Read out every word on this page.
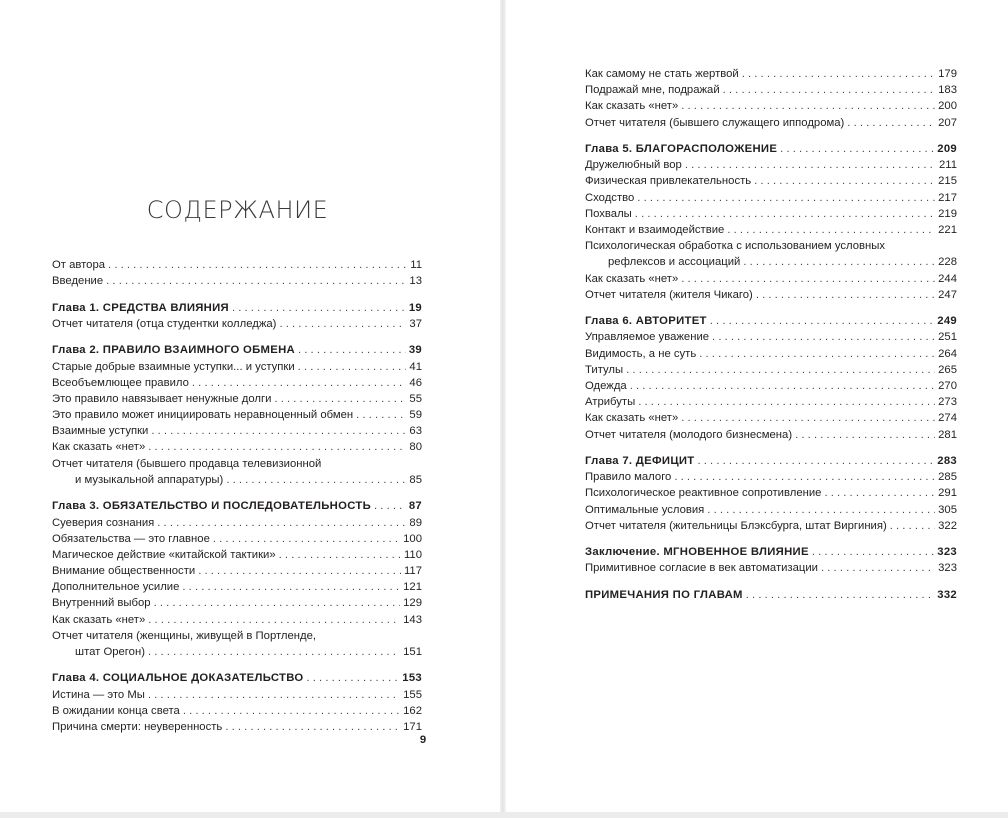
СОДЕРЖАНИЕ
От автора . . .	11
Введение . . .	13
Глава 1. СРЕДСТВА ВЛИЯНИЯ . . .	19
Отчет читателя (отца студентки колледжа) . . .	37
Глава 2. ПРАВИЛО ВЗАИМНОГО ОБМЕНА . . .	39
Старые добрые взаимные уступки... и уступки . . .	41
Всеобъемлющее правило . . .	46
Это правило навязывает ненужные долги . . .	55
Это правило может инициировать неравноценный обмен . . .	59
Взаимные уступки . . .	63
Как сказать «нет» . . .	80
Отчет читателя (бывшего продавца телевизионной
и музыкальной аппаратуры) . . .	85
Глава 3. ОБЯЗАТЕЛЬСТВО И ПОСЛЕДОВАТЕЛЬНОСТЬ . . .	87
Суеверия сознания . . .	89
Обязательства — это главное . . .	100
Магическое действие «китайской тактики» . . .	110
Внимание общественности . . .	117
Дополнительное усилие . . .	121
Внутренний выбор . . .	129
Как сказать «нет» . . .	143
Отчет читателя (женщины, живущей в Портленде,
штат Орегон) . . .	151
Глава 4. СОЦИАЛЬНОЕ ДОКАЗАТЕЛЬСТВО . . .	153
Истина — это Мы . . .	155
В ожидании конца света . . .	162
Причина смерти: неуверенность . . .	171
9
Как самому не стать жертвой . . .	179
Подражай мне, подражай . . .	183
Как сказать «нет» . . .	200
Отчет читателя (бывшего служащего ипподрома) . . .	207
Глава 5. БЛАГОРАСПОЛОЖЕНИЕ . . .	209
Дружелюбный вор . . .	211
Физическая привлекательность . . .	215
Сходство . . .	217
Похвалы . . .	219
Контакт и взаимодействие . . .	221
Психологическая обработка с использованием условных
рефлексов и ассоциаций . . .	228
Как сказать «нет» . . .	244
Отчет читателя (жителя Чикаго) . . .	247
Глава 6. АВТОРИТЕТ . . .	249
Управляемое уважение . . .	251
Видимость, а не суть . . .	264
Титулы . . .	265
Одежда . . .	270
Атрибуты . . .	273
Как сказать «нет» . . .	274
Отчет читателя (молодого бизнесмена) . . .	281
Глава 7. ДЕФИЦИТ . . .	283
Правило малого . . .	285
Психологическое реактивное сопротивление . . .	291
Оптимальные условия . . .	305
Отчет читателя (жительницы Блэксбурга, штат Виргиния) . . .	322
Заключение. МГНОВЕННОЕ ВЛИЯНИЕ . . .	323
Примитивное согласие в век автоматизации . . .	323
ПРИМЕЧАНИЯ ПО ГЛАВАМ . . .	332
